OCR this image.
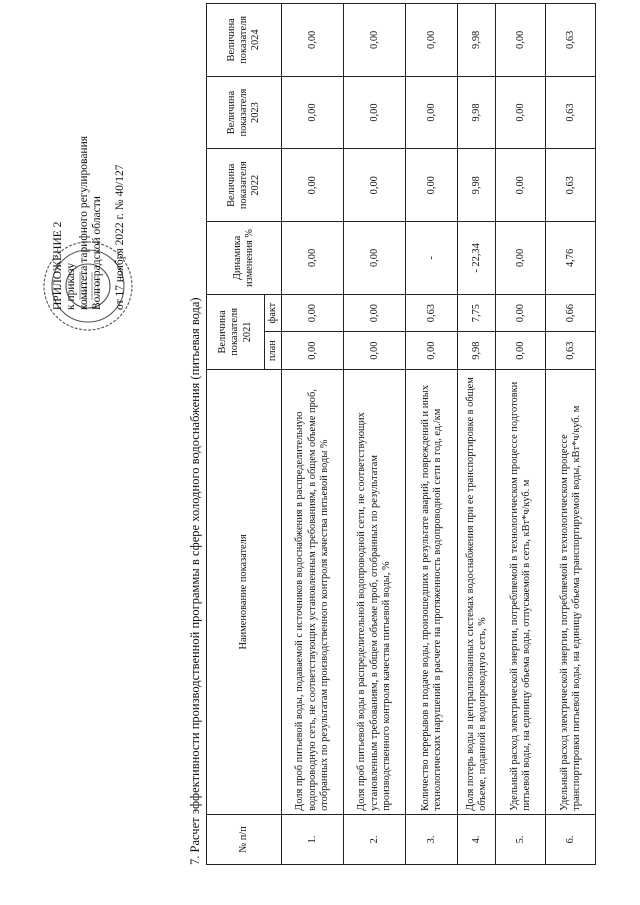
ПРИЛОЖЕНИЕ 2 к приказу комитета тарифного регулирования Волгоградской области от 17 ноября 2022 г. № 40/127
7. Расчет эффективности производственной программы в сфере холодного водоснабжения (питьевая вода)	№ п/п	Наименование показателя	Величина показателя 2021		Динамика изменения %	Величина показателя 2022	Величина показателя 2023	Величина показателя 2024
		план	факт				
1.	Доля проб питьевой воды, подаваемой с источников водоснабжения в распределительную водопроводную сеть, не соответствующих установленным требованиям, в общем объеме проб, отобранных по результатам производственного контроля качества питьевой воды %	0,00	0,00	0,00	0,00	0,00	0,00
2.	Доля проб питьевой воды в распределительной водопроводной сети, не соответствующих установленным требованиям, в общем объеме проб, отобранных по результатам производственного контроля качества питьевой воды, %	0,00	0,00	0,00	0,00	0,00	0,00
3.	Количество перерывов в подаче воды, произошедших в результате аварий, повреждений и иных технологических нарушений в расчете на протяженность водопроводной сети в год, ед./км	0,00	0,63	-	0,00	0,00	0,00
4.	Доля потерь воды в централизованных системах водоснабжения при ее транспортировке в общем объеме, поданной в водопроводную сеть, %	9,98	7,75	- 22,34	9,98	9,98	9,98
5.	Удельный расход электрической энергии, потребляемой в технологическом процессе подготовки питьевой воды, на единицу объема воды, отпускаемой в сеть, кВт*ч/куб. м	0,00	0,00	0,00	0,00	0,00	0,00
6.	Удельный расход электрической энергии, потребляемой в технологическом процессе транспортировки питьевой воды, на единицу объема транспортируемой воды, кВт*ч/куб. м	0,63	0,66	4,76	0,63	0,63	0,63
